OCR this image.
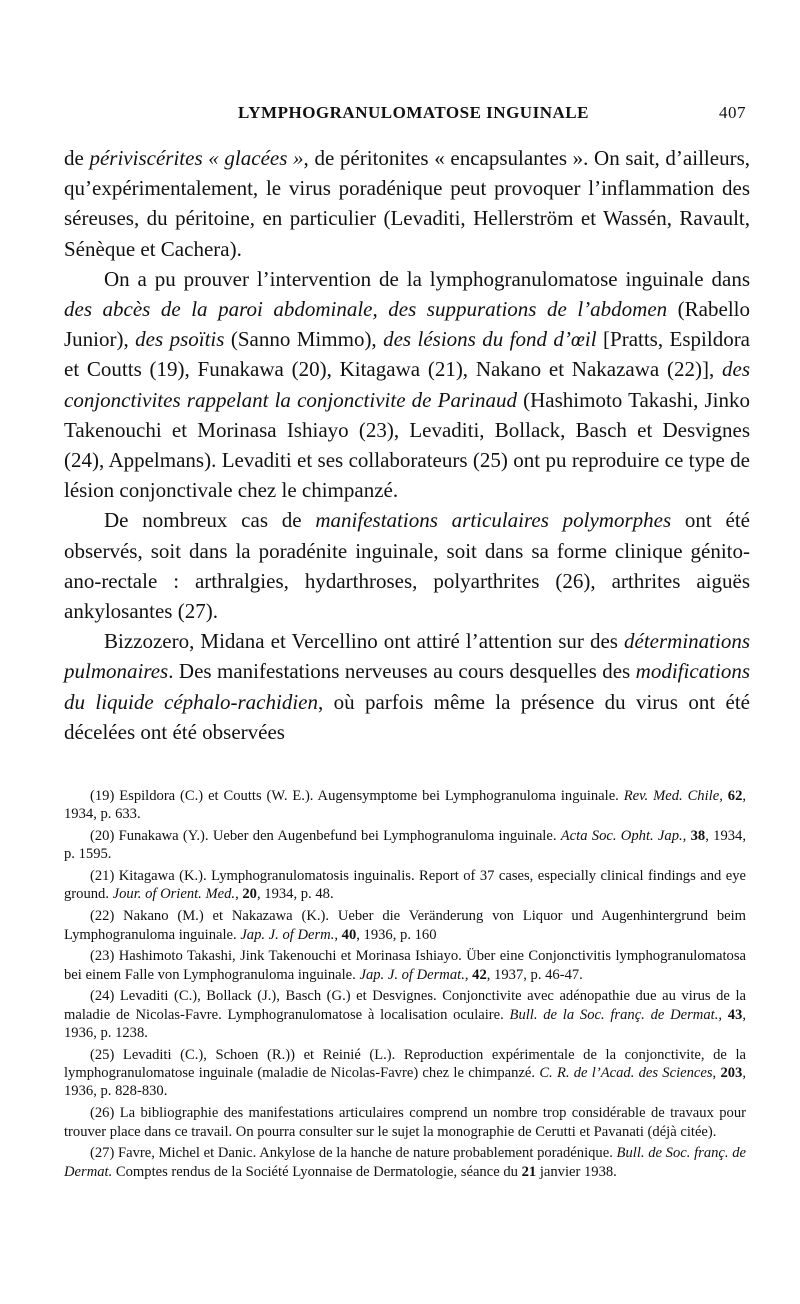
LYMPHOGRANULOMATOSE INGUINALE	407

de périviscérites « glacées », de péritonites « encapsulantes ». On sait, d’ailleurs, qu’expérimentalement, le virus poradénique peut provoquer l’inflammation des séreuses, du péritoine, en particulier (Levaditi, Hellerström et Wassén, Ravault, Sénèque et Cachera).

On a pu prouver l’intervention de la lymphogranulomatose inguinale dans des abcès de la paroi abdominale, des suppurations de l’abdomen (Rabello Junior), des psoïtis (Sanno Mimmo), des lésions du fond d’œil [Pratts, Espildora et Coutts (19), Funakawa (20), Kitagawa (21), Nakano et Nakazawa (22)], des conjonctivites rappelant la conjonctivite de Parinaud (Hashimoto Takashi, Jinko Takenouchi et Morinasa Ishiayo (23), Levaditi, Bollack, Basch et Desvignes (24), Appelmans). Levaditi et ses collaborateurs (25) ont pu reproduire ce type de lésion conjonctivale chez le chimpanzé.

De nombreux cas de manifestations articulaires polymorphes ont été observés, soit dans la poradénite inguinale, soit dans sa forme clinique génito-ano-rectale : arthralgies, hydarthroses, polyarthrites (26), arthrites aiguës ankylosantes (27).

Bizzozero, Midana et Vercellino ont attiré l’attention sur des déterminations pulmonaires. Des manifestations nerveuses au cours desquelles des modifications du liquide céphalo-rachidien, où parfois même la présence du virus ont été décelées ont été observées

(19) Espildora (C.) et Coutts (W. E.). Augensymptome bei Lymphogranuloma inguinale. Rev. Med. Chile, 62, 1934, p. 633.

(20) Funakawa (Y.). Ueber den Augenbefund bei Lymphogranuloma inguinale. Acta Soc. Opht. Jap., 38, 1934, p. 1595.

(21) Kitagawa (K.). Lymphogranulomatosis inguinalis. Report of 37 cases, especially clinical findings and eye ground. Jour. of Orient. Med., 20, 1934, p. 48.

(22) Nakano (M.) et Nakazawa (K.). Ueber die Veränderung von Liquor und Augenhintergrund beim Lymphogranuloma inguinale. Jap. J. of Derm., 40, 1936, p. 160

(23) Hashimoto Takashi, Jink Takenouchi et Morinasa Ishiayo. Über eine Conjonctivitis lymphogranulomatosa bei einem Falle von Lymphogranuloma inguinale. Jap. J. of Dermat., 42, 1937, p. 46-47.

(24) Levaditi (C.), Bollack (J.), Basch (G.) et Desvignes. Conjonctivite avec adénopathie due au virus de la maladie de Nicolas-Favre. Lymphogranulomatose à localisation oculaire. Bull. de la Soc. franç. de Dermat., 43, 1936, p. 1238.

(25) Levaditi (C.), Schoen (R.)) et Reinié (L.). Reproduction expérimentale de la conjonctivite, de la lymphogranulomatose inguinale (maladie de Nicolas-Favre) chez le chimpanzé. C. R. de l’Acad. des Sciences, 203, 1936, p. 828-830.

(26) La bibliographie des manifestations articulaires comprend un nombre trop considérable de travaux pour trouver place dans ce travail. On pourra consulter sur le sujet la monographie de Cerutti et Pavanati (déjà citée).

(27) Favre, Michel et Danic. Ankylose de la hanche de nature probablement poradénique. Bull. de Soc. franç. de Dermat. Comptes rendus de la Société Lyonnaise de Dermatologie, séance du 21 janvier 1938.
